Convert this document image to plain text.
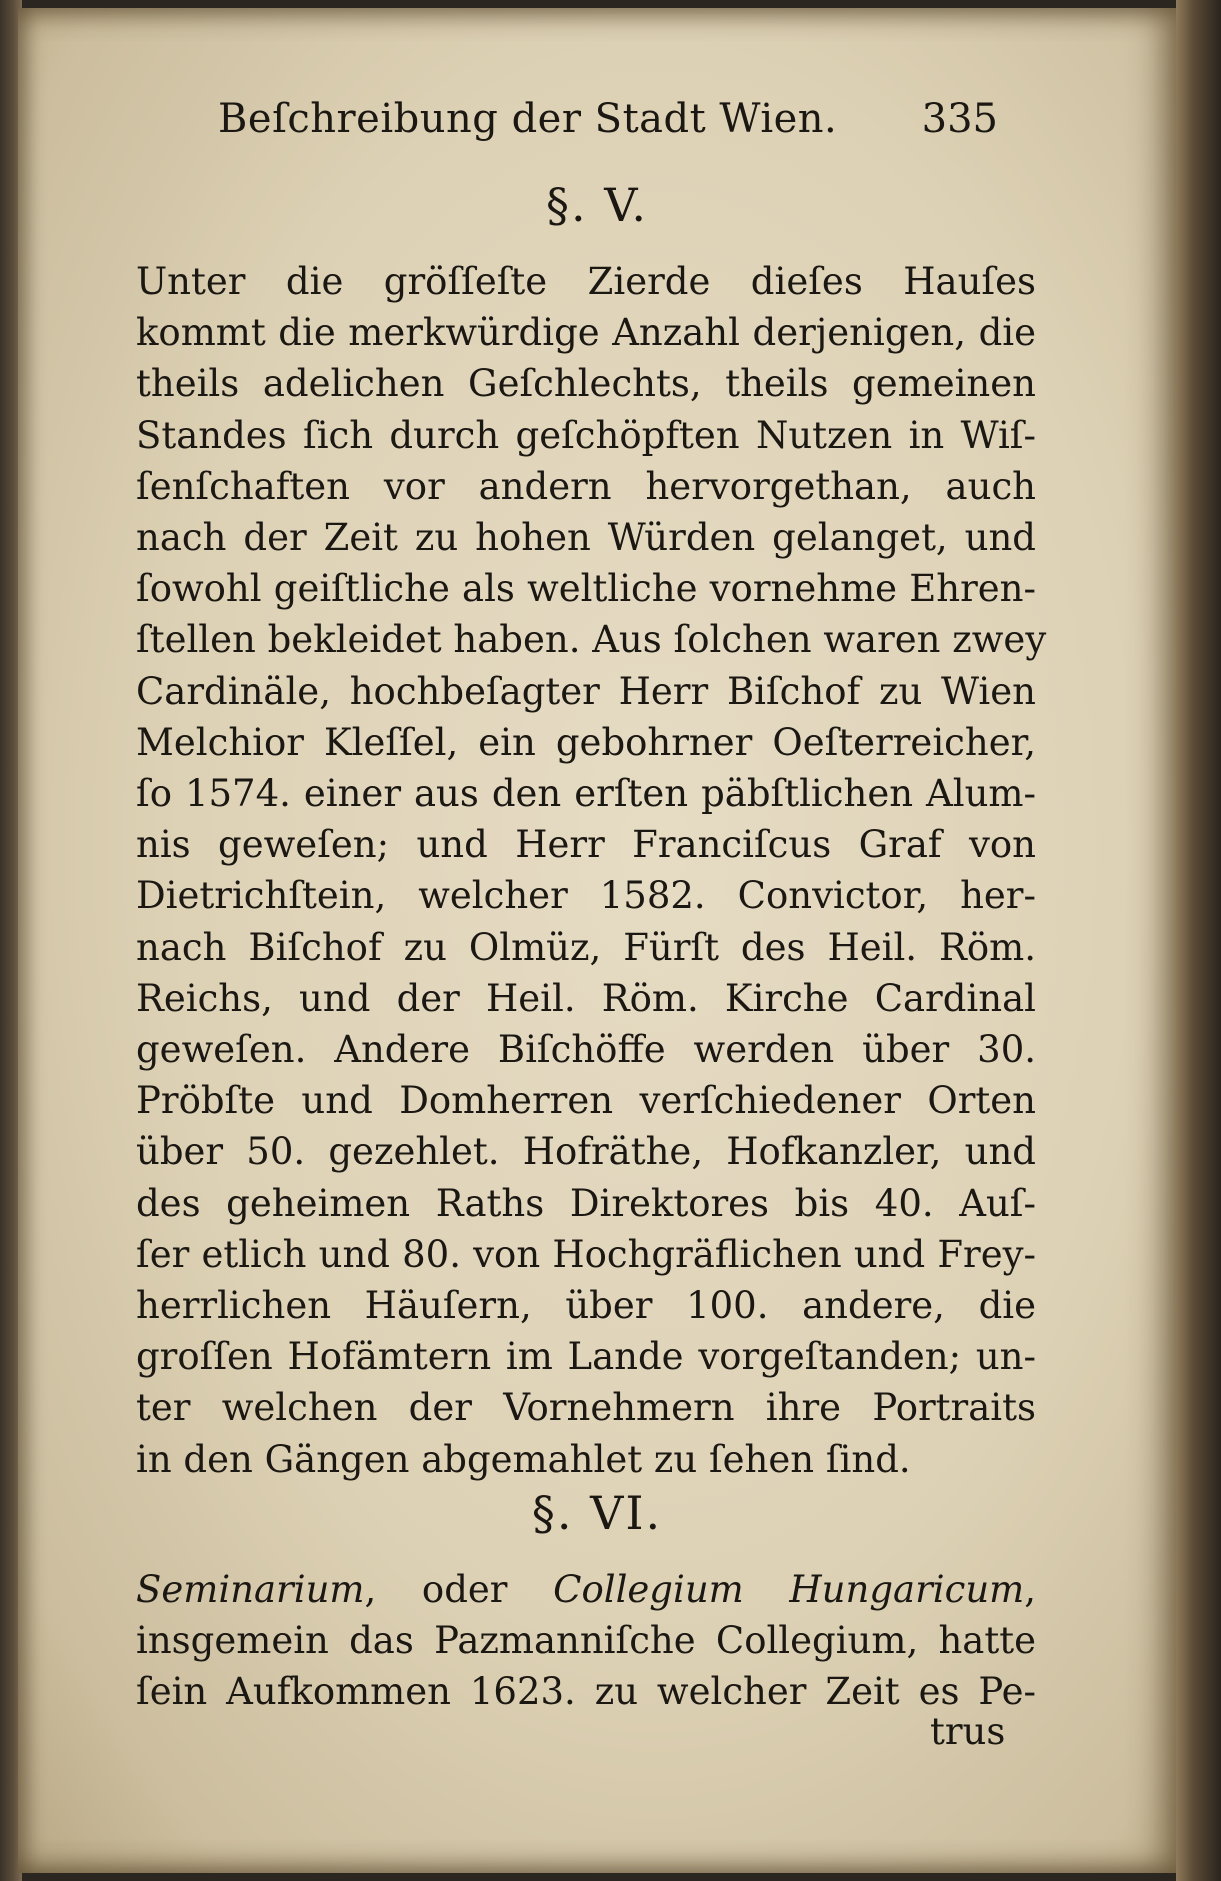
Beſchreibung der Stadt Wien. 335
§. V.
Unter die gröſſeſte Zierde dieſes Hauſes
kommt die merkwürdige Anzahl derjenigen, die
theils adelichen Geſchlechts, theils gemeinen
Standes ſich durch geſchöpften Nutzen in Wiſ-
ſenſchaften vor andern hervorgethan, auch
nach der Zeit zu hohen Würden gelanget, und
ſowohl geiſtliche als weltliche vornehme Ehren-
ſtellen bekleidet haben. Aus ſolchen waren zwey
Cardinäle, hochbeſagter Herr Biſchof zu Wien
Melchior Kleſſel, ein gebohrner Oeſterreicher,
ſo 1574. einer aus den erſten päbſtlichen Alum-
nis geweſen; und Herr Franciſcus Graf von
Dietrichſtein, welcher 1582. Convictor, her-
nach Biſchof zu Olmüz, Fürſt des Heil. Röm.
Reichs, und der Heil. Röm. Kirche Cardinal
geweſen. Andere Biſchöffe werden über 30.
Pröbſte und Domherren verſchiedener Orten
über 50. gezehlet. Hofräthe, Hofkanzler, und
des geheimen Raths Direktores bis 40. Auſ-
ſer etlich und 80. von Hochgräflichen und Frey-
herrlichen Häuſern, über 100. andere, die
groſſen Hofämtern im Lande vorgeſtanden; un-
ter welchen der Vornehmern ihre Portraits
in den Gängen abgemahlet zu ſehen ſind.
§. VI.
Seminarium, oder Collegium Hungaricum,
insgemein das Pazmanniſche Collegium, hatte
ſein Aufkommen 1623. zu welcher Zeit es Pe-
trus
